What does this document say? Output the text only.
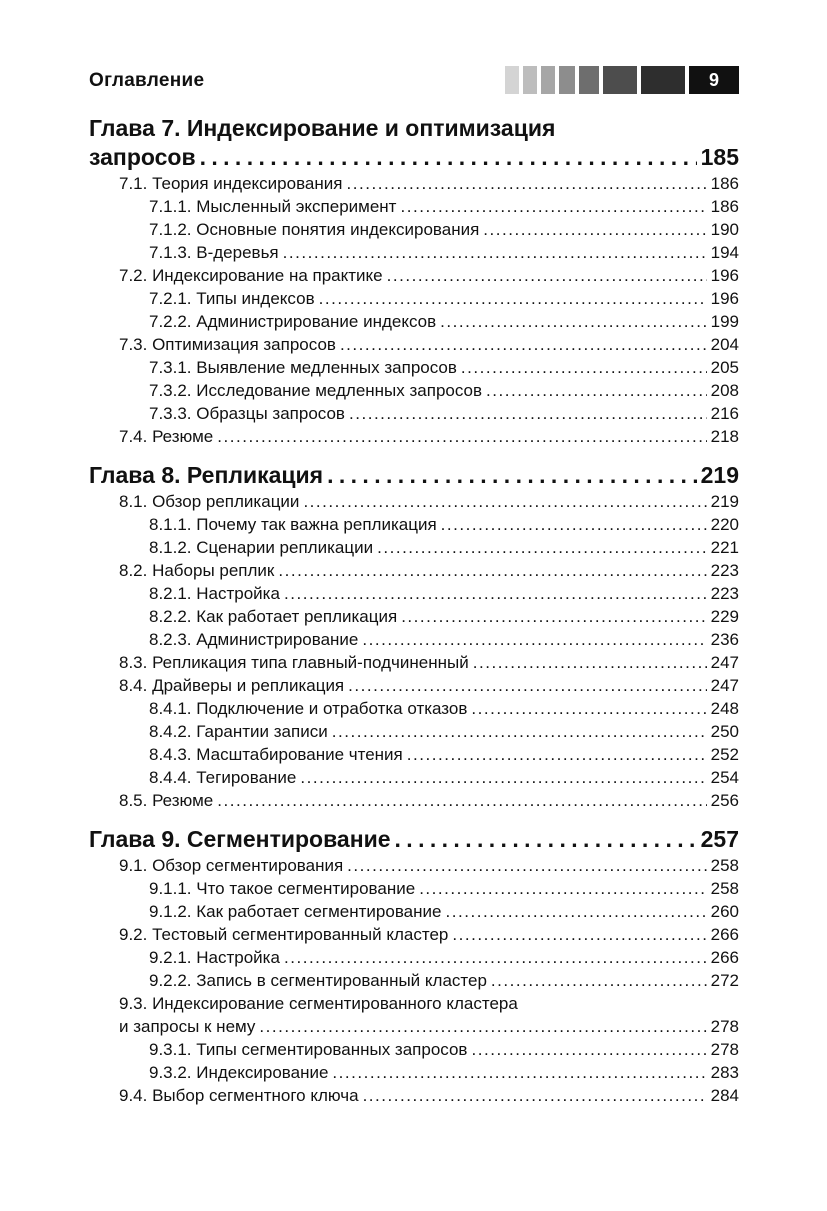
Оглавление	9
Глава 7. Индексирование и оптимизация
запросов . . .	185
7.1. Теория индексирования . . .	186
7.1.1. Мысленный эксперимент . . .	186
7.1.2. Основные понятия индексирования . . .	190
7.1.3. B-деревья . . .	194
7.2. Индексирование на практике . . .	196
7.2.1. Типы индексов . . .	196
7.2.2. Администрирование индексов . . .	199
7.3. Оптимизация запросов . . .	204
7.3.1. Выявление медленных запросов . . .	205
7.3.2. Исследование медленных запросов . . .	208
7.3.3. Образцы запросов . . .	216
7.4. Резюме . . .	218
Глава 8. Репликация . . .	219
8.1. Обзор репликации . . .	219
8.1.1. Почему так важна репликация . . .	220
8.1.2. Сценарии репликации . . .	221
8.2. Наборы реплик . . .	223
8.2.1. Настройка . . .	223
8.2.2. Как работает репликация . . .	229
8.2.3. Администрирование . . .	236
8.3. Репликация типа главный-подчиненный . . .	247
8.4. Драйверы и репликация . . .	247
8.4.1. Подключение и отработка отказов . . .	248
8.4.2. Гарантии записи . . .	250
8.4.3. Масштабирование чтения . . .	252
8.4.4. Тегирование . . .	254
8.5. Резюме . . .	256
Глава 9. Сегментирование . . .	257
9.1. Обзор сегментирования . . .	258
9.1.1. Что такое сегментирование . . .	258
9.1.2. Как работает сегментирование . . .	260
9.2. Тестовый сегментированный кластер . . .	266
9.2.1. Настройка . . .	266
9.2.2. Запись в сегментированный кластер . . .	272
9.3. Индексирование сегментированного кластера
и запросы к нему . . .	278
9.3.1. Типы сегментированных запросов . . .	278
9.3.2. Индексирование . . .	283
9.4. Выбор сегментного ключа . . .	284
